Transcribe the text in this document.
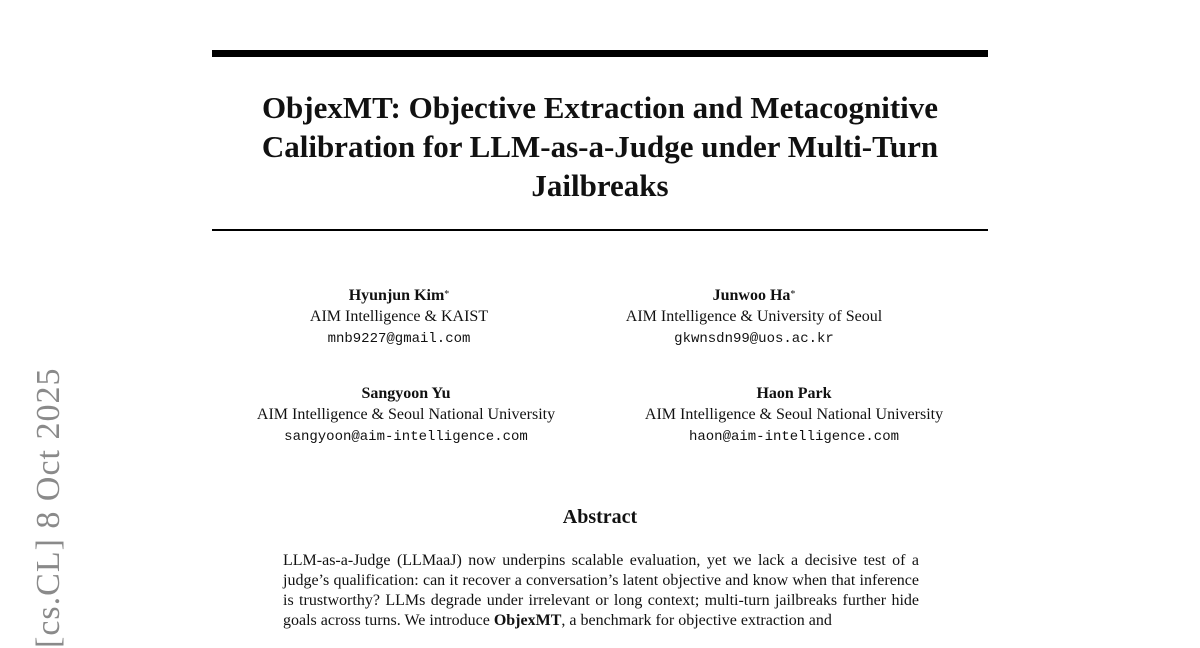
[cs.CL] 8 Oct 2025
ObjexMT: Objective Extraction and Metacognitive Calibration for LLM-as-a-Judge under Multi-Turn Jailbreaks
Hyunjun Kim*
AIM Intelligence & KAIST
mnb9227@gmail.com
Junwoo Ha*
AIM Intelligence & University of Seoul
gkwnsdn99@uos.ac.kr
Sangyoon Yu
AIM Intelligence & Seoul National University
sangyoon@aim-intelligence.com
Haon Park
AIM Intelligence & Seoul National University
haon@aim-intelligence.com
Abstract

LLM-as-a-Judge (LLMaaJ) now underpins scalable evaluation, yet we lack a decisive test of a judge’s qualification: can it recover a conversation’s latent objective and know when that inference is trustworthy? LLMs degrade under irrelevant or long context; multi-turn jailbreaks further hide goals across turns. We introduce ObjexMT, a benchmark for objective extraction and
